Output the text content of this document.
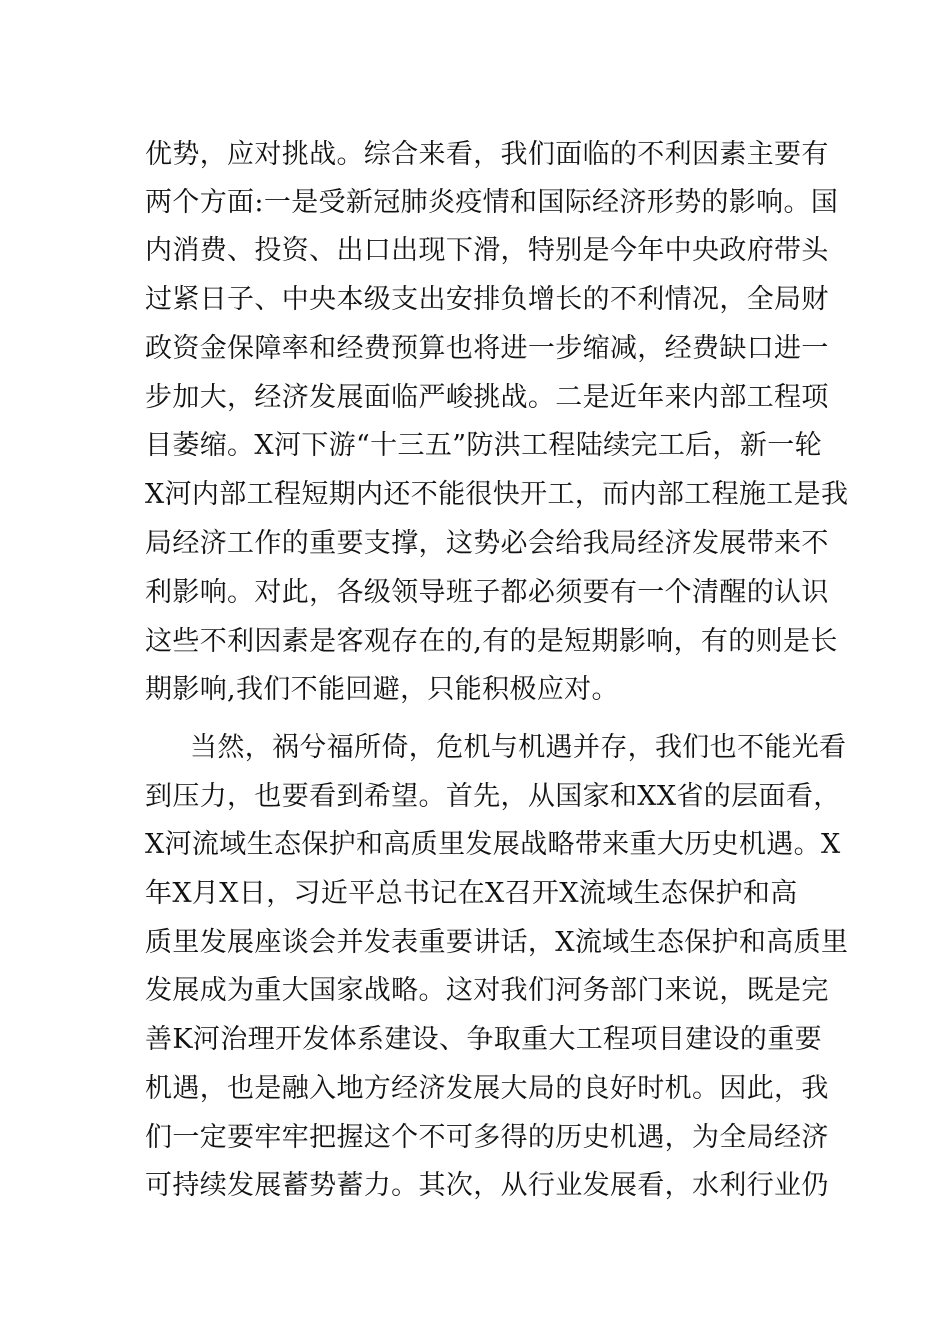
优势，应对挑战。综合来看，我们面临的不利因素主要有
两个方面:一是受新冠肺炎疫情和国际经济形势的影响。国
内消费、投资、出口出现下滑，特别是今年中央政府带头
过紧日子、中央本级支出安排负增长的不利情况，全局财
政资金保障率和经费预算也将进一步缩减，经费缺口进一
步加大，经济发展面临严峻挑战。二是近年来内部工程项
目萎缩。X河下游“十三五”防洪工程陆续完工后，新一轮
X河内部工程短期内还不能很快开工，而内部工程施工是我
局经济工作的重要支撑，这势必会给我局经济发展带来不
利影响。对此，各级领导班子都必须要有一个清醒的认识
这些不利因素是客观存在的,有的是短期影响，有的则是长
期影响,我们不能回避，只能积极应对。
当然，祸兮福所倚，危机与机遇并存，我们也不能光看
到压力，也要看到希望。首先，从国家和XX省的层面看，
X河流域生态保护和高质里发展战略带来重大历史机遇。X
年X月X日，习近平总书记在X召开X流域生态保护和高
质里发展座谈会并发表重要讲话，X流域生态保护和高质里
发展成为重大国家战略。这对我们河务部门来说，既是完
善K河治理开发体系建设、争取重大工程项目建设的重要
机遇，也是融入地方经济发展大局的良好时机。因此，我
们一定要牢牢把握这个不可多得的历史机遇，为全局经济
可持续发展蓄势蓄力。其次，从行业发展看，水利行业仍
